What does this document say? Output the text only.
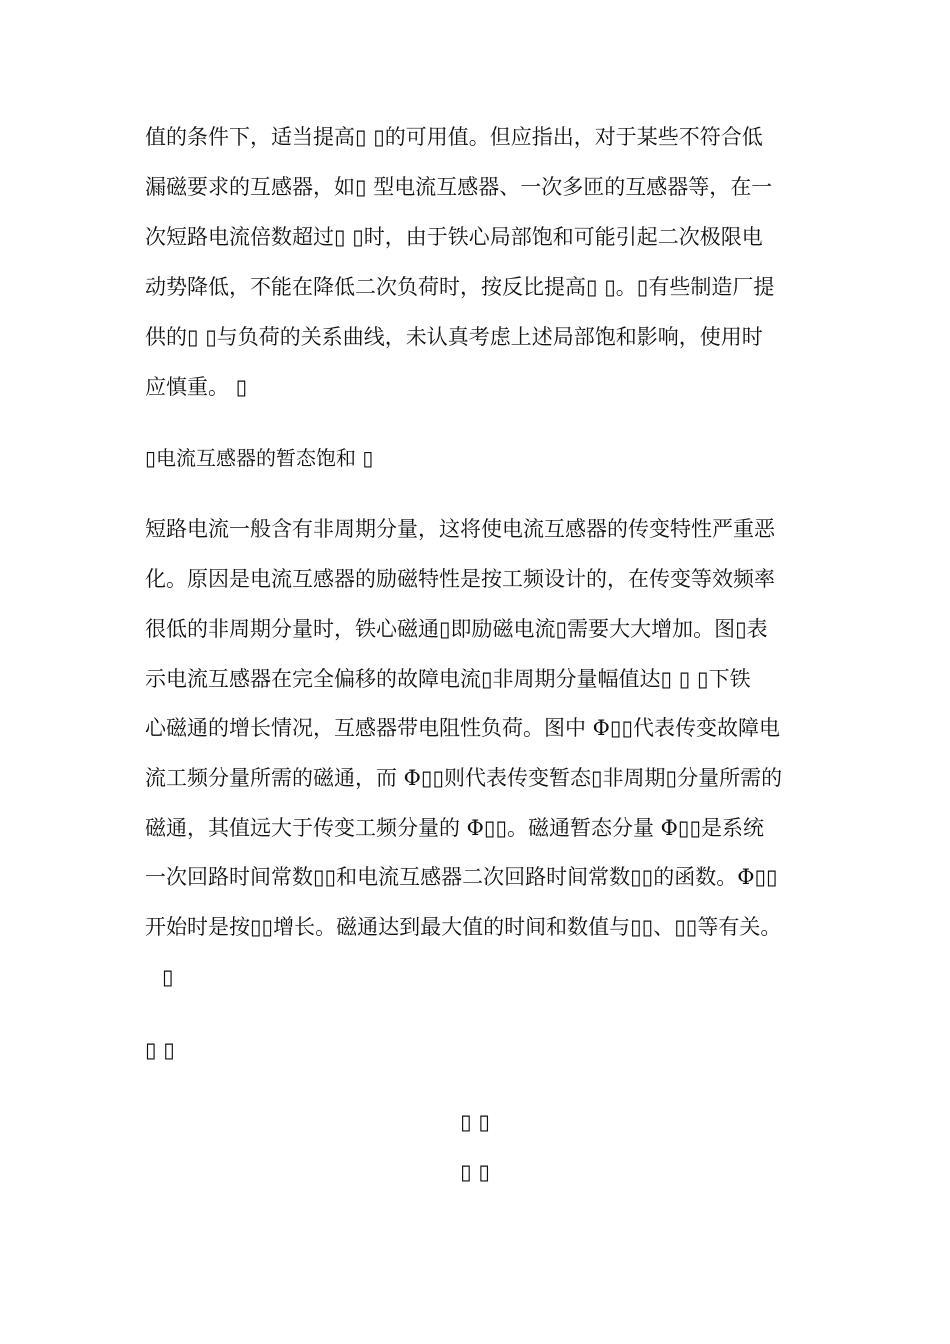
值的条件下，适当提高▯ ▯的可用值。但应指出，对于某些不符合低
漏磁要求的互感器，如▯ 型电流互感器、一次多匝的互感器等，在一
次短路电流倍数超过▯ ▯时，由于铁心局部饱和可能引起二次极限电
动势降低，不能在降低二次负荷时，按反比提高▯ ▯。▯有些制造厂提
供的▯ ▯与负荷的关系曲线，未认真考虑上述局部饱和影响，使用时
应慎重。 ▯
▯电流互感器的暂态饱和 ▯
短路电流一般含有非周期分量，这将使电流互感器的传变特性严重恶
化。原因是电流互感器的励磁特性是按工频设计的，在传变等效频率
很低的非周期分量时，铁心磁通▯即励磁电流▯需要大大增加。图▯表
示电流互感器在完全偏移的故障电流▯非周期分量幅值达▯ ▯ ▯下铁
心磁通的增长情况，互感器带电阻性负荷。图中 Φ▯▯代表传变故障电
流工频分量所需的磁通，而 Φ▯▯则代表传变暂态▯非周期▯分量所需的
磁通，其值远大于传变工频分量的 Φ▯▯。磁通暂态分量 Φ▯▯是系统
一次回路时间常数▯▯和电流互感器二次回路时间常数▯▯的函数。Φ▯▯
开始时是按▯▯增长。磁通达到最大值的时间和数值与▯▯、▯▯等有关。
▯
▯ ▯
▯ ▯
▯ ▯
